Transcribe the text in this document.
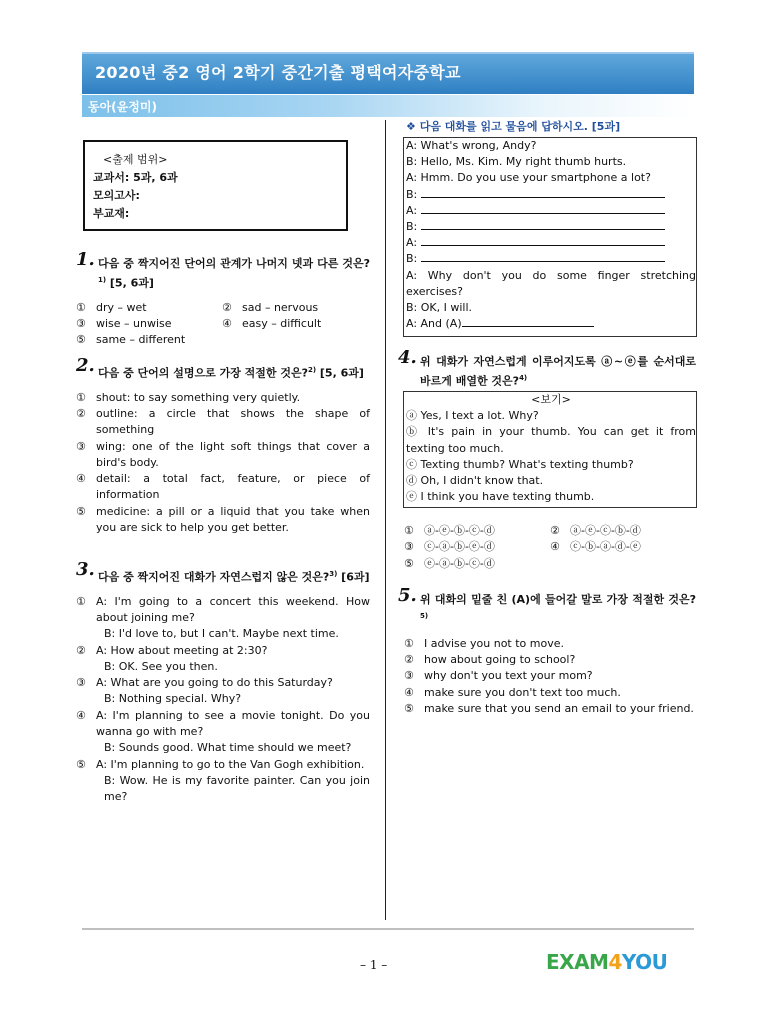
2020년 중2 영어 2학기 중간기출 평택여자중학교
동아(윤정미)
<출제 범위>
교과서: 5과, 6과
모의고사:
부교재:
1. 다음 중 짝지어진 단어의 관계가 나머지 넷과 다른 것은?$^{1)}$ [5, 6과]
① dry – wet	② sad – nervous
③ wise – unwise	④ easy – difficult
⑤ same – different
2. 다음 중 단어의 설명으로 가장 적절한 것은?$^{2)}$ [5, 6과]
① shout: to say something very quietly.
② outline: a circle that shows the shape of something
③ wing: one of the light soft things that cover a bird's body.
④ detail: a total fact, feature, or piece of information
⑤ medicine: a pill or a liquid that you take when you are sick to help you get better.
3. 다음 중 짝지어진 대화가 자연스럽지 않은 것은?$^{3)}$ [6과]
① A: I'm going to a concert this weekend. How about joining me?
B: I'd love to, but I can't. Maybe next time.
② A: How about meeting at 2:30?
B: OK. See you then.
③ A: What are you going to do this Saturday?
B: Nothing special. Why?
④ A: I'm planning to see a movie tonight. Do you wanna go with me?
B: Sounds good. What time should we meet?
⑤ A: I'm planning to go to the Van Gogh exhibition.
B: Wow. He is my favorite painter. Can you join me?
❖ 다음 대화를 읽고 물음에 답하시오. [5과]
A: What's wrong, Andy?
B: Hello, Ms. Kim. My right thumb hurts.
A: Hmm. Do you use your smartphone a lot?
B:
A:
B:
A:
B:
A: Why don't you do some finger stretching exercises?
B: OK, I will.
A: And (A)
4. 위 대화가 자연스럽게 이루어지도록 ⓐ~ⓔ를 순서대로 바르게 배열한 것은?$^{4)}$
<보기>
ⓐ Yes, I text a lot. Why?
ⓑ It's pain in your thumb. You can get it from texting too much.
ⓒ Texting thumb? What's texting thumb?
ⓓ Oh, I didn't know that.
ⓔ I think you have texting thumb.
① ⓐ-ⓔ-ⓑ-ⓒ-ⓓ	② ⓐ-ⓔ-ⓒ-ⓑ-ⓓ
③ ⓒ-ⓐ-ⓑ-ⓔ-ⓓ	④ ⓒ-ⓑ-ⓐ-ⓓ-ⓔ
⑤ ⓔ-ⓐ-ⓑ-ⓒ-ⓓ
5. 위 대화의 밑줄 친 (A)에 들어갈 말로 가장 적절한 것은?$^{5)}$
① I advise you not to move.
② how about going to school?
③ why don't you text your mom?
④ make sure you don't text too much.
⑤ make sure that you send an email to your friend.
– 1 –	EXAM4YOU
